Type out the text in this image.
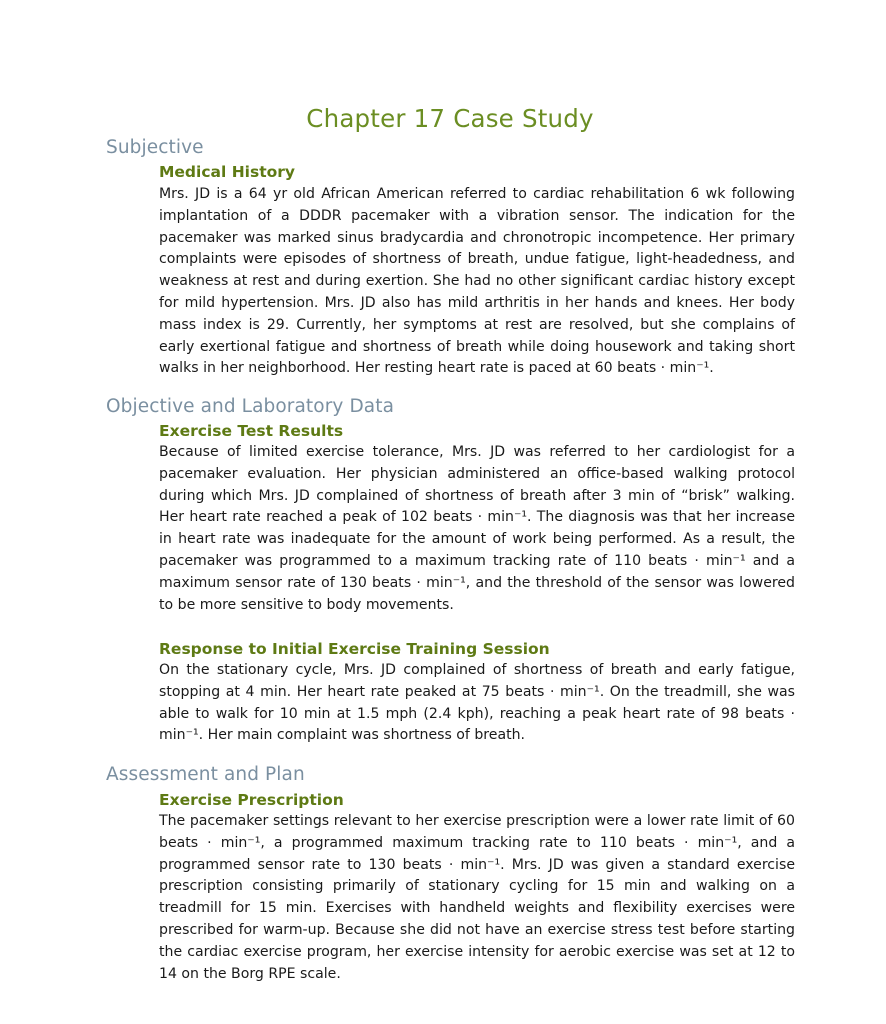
Chapter 17 Case Study
Subjective
Medical History

Mrs. JD is a 64 yr old African American referred to cardiac rehabilitation 6 wk following implantation of a DDDR pacemaker with a vibration sensor. The indication for the pacemaker was marked sinus bradycardia and chronotropic incompetence. Her primary complaints were episodes of shortness of breath, undue fatigue, light-headedness, and weakness at rest and during exertion. She had no other significant cardiac history except for mild hypertension. Mrs. JD also has mild arthritis in her hands and knees. Her body mass index is 29. Currently, her symptoms at rest are resolved, but she complains of early exertional fatigue and shortness of breath while doing housework and taking short walks in her neighborhood. Her resting heart rate is paced at 60 beats · min⁻¹.

Objective and Laboratory Data
Exercise Test Results

Because of limited exercise tolerance, Mrs. JD was referred to her cardiologist for a pacemaker evaluation. Her physician administered an office-based walking protocol during which Mrs. JD complained of shortness of breath after 3 min of “brisk” walking. Her heart rate reached a peak of 102 beats · min⁻¹. The diagnosis was that her increase in heart rate was inadequate for the amount of work being performed. As a result, the pacemaker was programmed to a maximum tracking rate of 110 beats · min⁻¹ and a maximum sensor rate of 130 beats · min⁻¹, and the threshold of the sensor was lowered to be more sensitive to body movements.

Response to Initial Exercise Training Session

On the stationary cycle, Mrs. JD complained of shortness of breath and early fatigue, stopping at 4 min. Her heart rate peaked at 75 beats · min⁻¹. On the treadmill, she was able to walk for 10 min at 1.5 mph (2.4 kph), reaching a peak heart rate of 98 beats · min⁻¹. Her main complaint was shortness of breath.

Assessment and Plan
Exercise Prescription

The pacemaker settings relevant to her exercise prescription were a lower rate limit of 60 beats · min⁻¹, a programmed maximum tracking rate to 110 beats · min⁻¹, and a programmed sensor rate to 130 beats · min⁻¹. Mrs. JD was given a standard exercise prescription consisting primarily of stationary cycling for 15 min and walking on a treadmill for 15 min. Exercises with handheld weights and flexibility exercises were prescribed for warm-up. Because she did not have an exercise stress test before starting the cardiac exercise program, her exercise intensity for aerobic exercise was set at 12 to 14 on the Borg RPE scale.
